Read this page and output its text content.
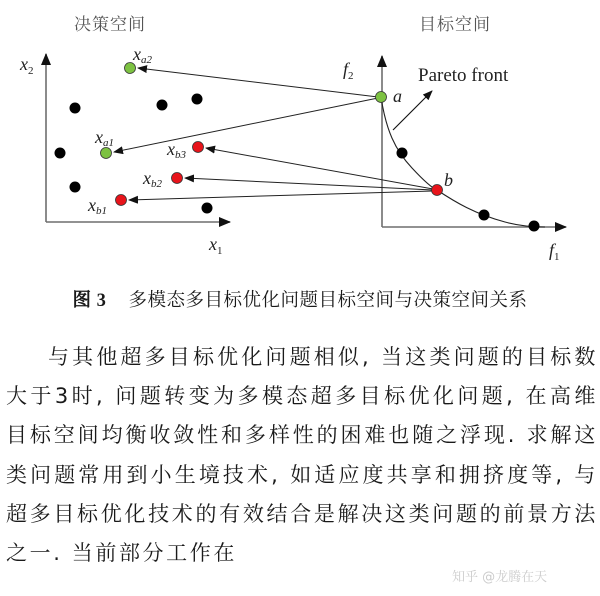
$x_2$
$x_1$
xa2
xa1	xb3
xb2
xb1
$f_2$
$f_1$
a
b
Pareto front
决策空间	目标空间
图 3 多模态多目标优化问题目标空间与决策空间关系
与其他超多目标优化问题相似, 当这类问题的目标数大于3时, 问题转变为多模态超多目标优化问题, 在高维目标空间均衡收敛性和多样性的困难也随之浮现. 求解这类问题常用到小生境技术, 如适应度共享和拥挤度等, 与超多目标优化技术的有效结合是解决这类问题的前景方法之一. 当前部分工作在
知乎 @龙腾在天
